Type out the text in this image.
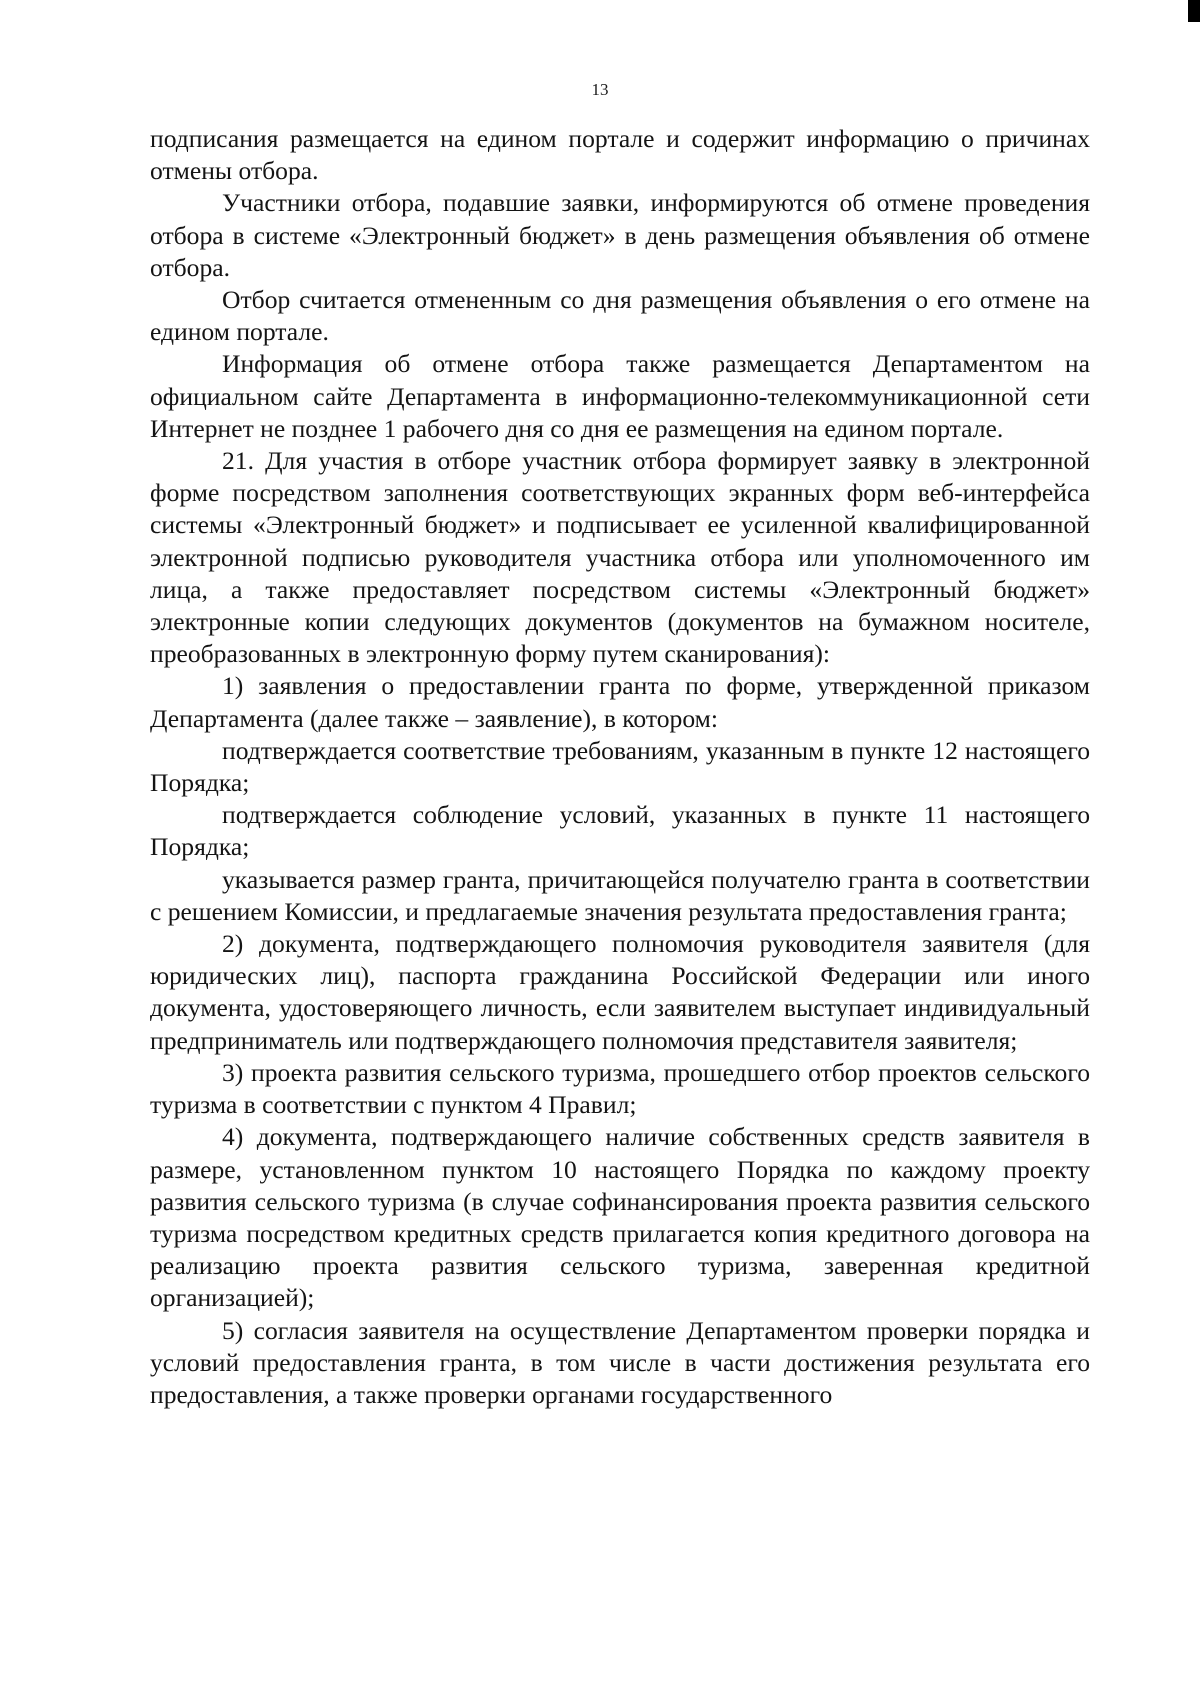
13

подписания размещается на едином портале и содержит информацию о причинах отмены отбора.

Участники отбора, подавшие заявки, информируются об отмене проведения отбора в системе «Электронный бюджет» в день размещения объявления об отмене отбора.

Отбор считается отмененным со дня размещения объявления о его отмене на едином портале.

Информация об отмене отбора также размещается Департаментом на официальном сайте Департамента в информационно-телекоммуникационной сети Интернет не позднее 1 рабочего дня со дня ее размещения на едином портале.

21. Для участия в отборе участник отбора формирует заявку в электронной форме посредством заполнения соответствующих экранных форм веб-интерфейса системы «Электронный бюджет» и подписывает ее усиленной квалифицированной электронной подписью руководителя участника отбора или уполномоченного им лица, а также предоставляет посредством системы «Электронный бюджет» электронные копии следующих документов (документов на бумажном носителе, преобразованных в электронную форму путем сканирования):

1) заявления о предоставлении гранта по форме, утвержденной приказом Департамента (далее также – заявление), в котором:

подтверждается соответствие требованиям, указанным в пункте 12 настоящего Порядка;

подтверждается соблюдение условий, указанных в пункте 11 настоящего Порядка;

указывается размер гранта, причитающейся получателю гранта в соответствии с решением Комиссии, и предлагаемые значения результата предоставления гранта;

2) документа, подтверждающего полномочия руководителя заявителя (для юридических лиц), паспорта гражданина Российской Федерации или иного документа, удостоверяющего личность, если заявителем выступает индивидуальный предприниматель или подтверждающего полномочия представителя заявителя;

3) проекта развития сельского туризма, прошедшего отбор проектов сельского туризма в соответствии с пунктом 4 Правил;

4) документа, подтверждающего наличие собственных средств заявителя в размере, установленном пунктом 10 настоящего Порядка по каждому проекту развития сельского туризма (в случае софинансирования проекта развития сельского туризма посредством кредитных средств прилагается копия кредитного договора на реализацию проекта развития сельского туризма, заверенная кредитной организацией);

5) согласия заявителя на осуществление Департаментом проверки порядка и условий предоставления гранта, в том числе в части достижения результата его предоставления, а также проверки органами государственного
